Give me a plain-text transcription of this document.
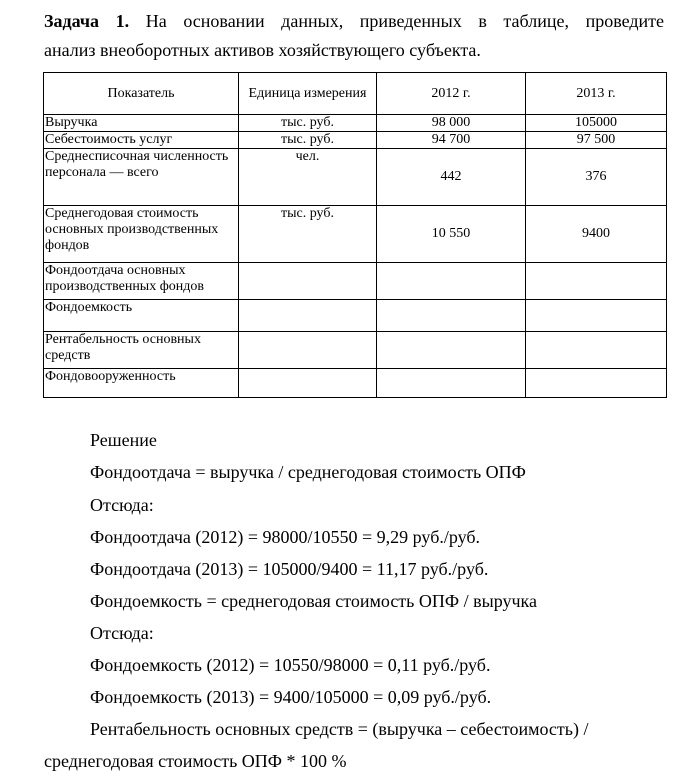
Задача 1. На основании данных, приведенных в таблице, проведите
анализ внеоборотных активов хозяйствующего субъекта.
Показатель	Единица измерения	2012 г.	2013 г.
Выручка	тыс. руб.	98 000	105000
Себестоимость услуг	тыс. руб.	94 700	97 500
Среднесписочная численность персонала — всего	чел.	442	376
Среднегодовая стоимость основных производственных фондов	тыс. руб.	10 550	9400
Фондоотдача основных производственных фондов			
Фондоемкость			
Рентабельность основных средств			
Фондовооруженность			
Решение
Фондоотдача = выручка / среднегодовая стоимость ОПФ
Отсюда:
Фондоотдача (2012) = 98000/10550 = 9,29 руб./руб.
Фондоотдача (2013) = 105000/9400 = 11,17 руб./руб.
Фондоемкость = среднегодовая стоимость ОПФ / выручка
Отсюда:
Фондоемкость (2012) = 10550/98000 = 0,11 руб./руб.
Фондоемкость (2013) = 9400/105000 = 0,09 руб./руб.
Рентабельность основных средств = (выручка – себестоимость) /
среднегодовая стоимость ОПФ * 100 %
